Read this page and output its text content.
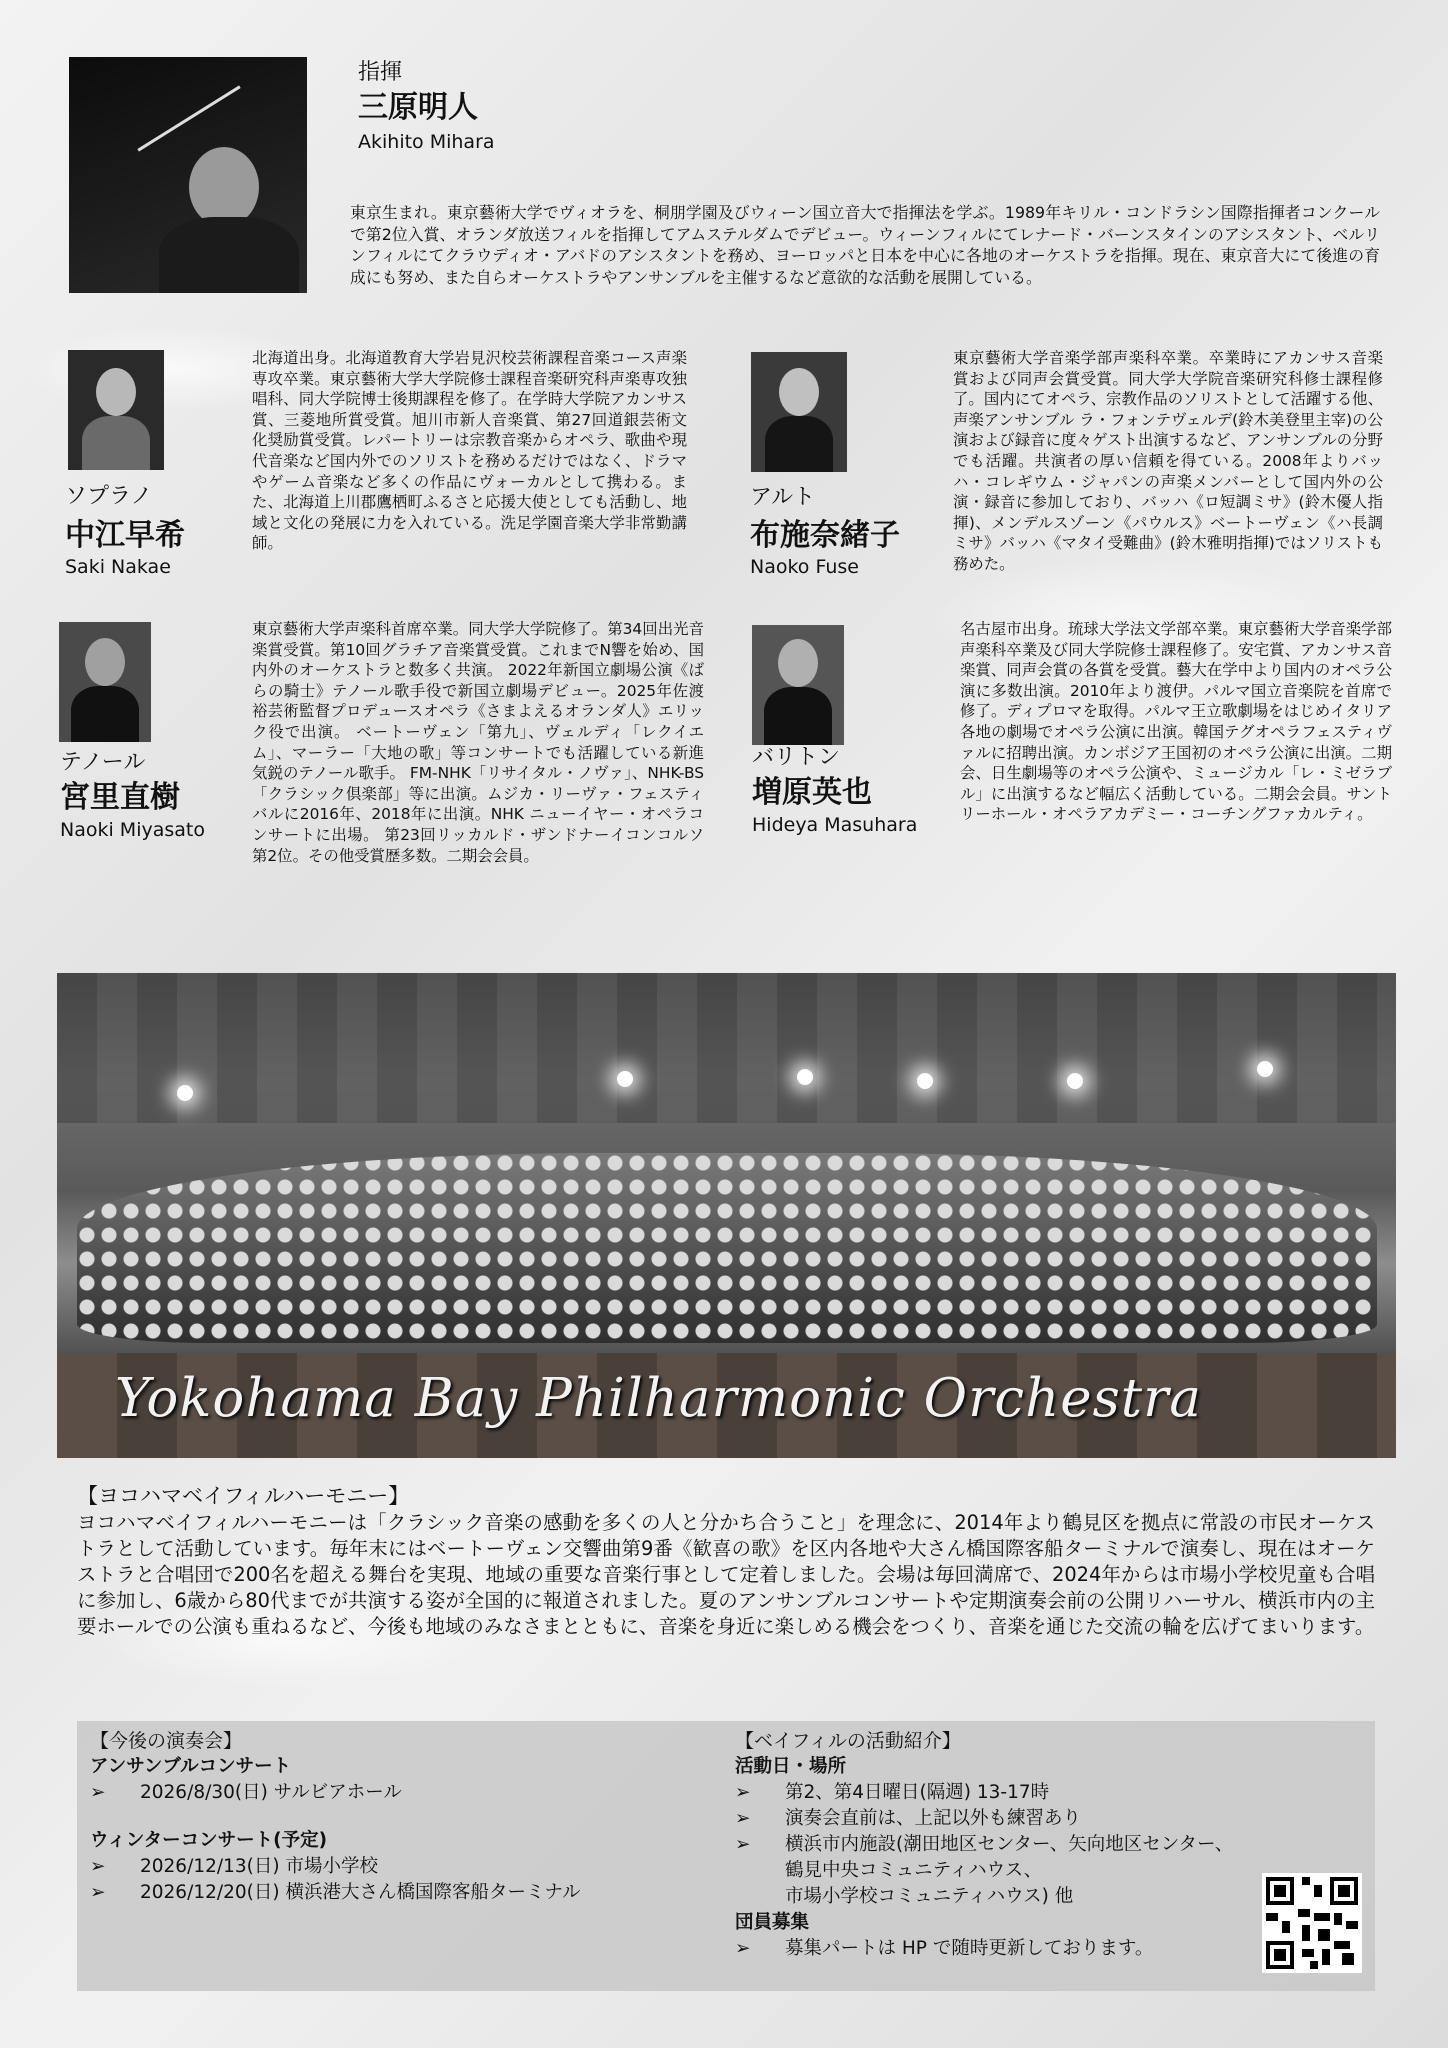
指揮
三原明人
Akihito Mihara
東京生まれ。東京藝術大学でヴィオラを、桐朋学園及びウィーン国立音大で指揮法を学ぶ。1989年キリル・コンドラシン国際指揮者コンクールで第2位入賞、オランダ放送フィルを指揮してアムステルダムでデビュー。ウィーンフィルにてレナード・バーンスタインのアシスタント、ベルリンフィルにてクラウディオ・アバドのアシスタントを務め、ヨーロッパと日本を中心に各地のオーケストラを指揮。現在、東京音大にて後進の育成にも努め、また自らオーケストラやアンサンブルを主催するなど意欲的な活動を展開している。
ソプラノ
中江早希
Saki Nakae
北海道出身。北海道教育大学岩見沢校芸術課程音楽コース声楽専攻卒業。東京藝術大学大学院修士課程音楽研究科声楽専攻独唱科、同大学院博士後期課程を修了。在学時大学院アカンサス賞、三菱地所賞受賞。旭川市新人音楽賞、第27回道銀芸術文化奨励賞受賞。レパートリーは宗教音楽からオペラ、歌曲や現代音楽など国内外でのソリストを務めるだけではなく、ドラマやゲーム音楽など多くの作品にヴォーカルとして携わる。また、北海道上川郡鷹栖町ふるさと応援大使としても活動し、地域と文化の発展に力を入れている。洗足学園音楽大学非常勤講師。
アルト
布施奈緒子
Naoko Fuse
東京藝術大学音楽学部声楽科卒業。卒業時にアカンサス音楽賞および同声会賞受賞。同大学大学院音楽研究科修士課程修了。国内にてオペラ、宗教作品のソリストとして活躍する他、声楽アンサンブル ラ・フォンテヴェルデ(鈴木美登里主宰)の公演および録音に度々ゲスト出演するなど、アンサンブルの分野でも活躍。共演者の厚い信頼を得ている。2008年よりバッハ・コレギウム・ジャパンの声楽メンバーとして国内外の公演・録音に参加しており、バッハ《ロ短調ミサ》(鈴木優人指揮)、メンデルスゾーン《パウルス》ベートーヴェン《ハ長調ミサ》バッハ《マタイ受難曲》(鈴木雅明指揮)ではソリストも務めた。
テノール
宮里直樹
Naoki Miyasato
東京藝術大学声楽科首席卒業。同大学大学院修了。第34回出光音楽賞受賞。第10回グラチア音楽賞受賞。これまでN響を始め、国内外のオーケストラと数多く共演。 2022年新国立劇場公演《ばらの騎士》テノール歌手役で新国立劇場デビュー。2025年佐渡裕芸術監督プロデュースオペラ《さまよえるオランダ人》エリック役で出演。 ベートーヴェン「第九」、ヴェルディ「レクイエム」、マーラー「大地の歌」等コンサートでも活躍している新進気鋭のテノール歌手。 FM-NHK「リサイタル・ノヴァ」、NHK-BS「クラシック倶楽部」等に出演。ムジカ・リーヴァ・フェスティバルに2016年、2018年に出演。NHK ニューイヤー・オペラコンサートに出場。 第23回リッカルド・ザンドナーイコンコルソ第2位。その他受賞歴多数。二期会会員。
バリトン
増原英也
Hideya Masuhara
名古屋市出身。琉球大学法文学部卒業。東京藝術大学音楽学部声楽科卒業及び同大学院修士課程修了。安宅賞、アカンサス音楽賞、同声会賞の各賞を受賞。藝大在学中より国内のオペラ公演に多数出演。2010年より渡伊。パルマ国立音楽院を首席で修了。ディプロマを取得。パルマ王立歌劇場をはじめイタリア各地の劇場でオペラ公演に出演。韓国テグオペラフェスティヴァルに招聘出演。カンボジア王国初のオペラ公演に出演。二期会、日生劇場等のオペラ公演や、ミュージカル「レ・ミゼラブル」に出演するなど幅広く活動している。二期会会員。サントリーホール・オペラアカデミー・コーチングファカルティ。
Yokohama Bay Philharmonic Orchestra
【ヨコハマベイフィルハーモニー】
ヨコハマベイフィルハーモニーは「クラシック音楽の感動を多くの人と分かち合うこと」を理念に、2014年より鶴見区を拠点に常設の市民オーケストラとして活動しています。毎年末にはベートーヴェン交響曲第9番《歓喜の歌》を区内各地や大さん橋国際客船ターミナルで演奏し、現在はオーケストラと合唱団で200名を超える舞台を実現、地域の重要な音楽行事として定着しました。会場は毎回満席で、2024年からは市場小学校児童も合唱に参加し、6歳から80代までが共演する姿が全国的に報道されました。夏のアンサンブルコンサートや定期演奏会前の公開リハーサル、横浜市内の主要ホールでの公演も重ねるなど、今後も地域のみなさまとともに、音楽を身近に楽しめる機会をつくり、音楽を通じた交流の輪を広げてまいります。
【今後の演奏会】
アンサンブルコンサート
➢ 2026/8/30(日) サルビアホール
ウィンターコンサート(予定)
➢ 2026/12/13(日) 市場小学校
➢ 2026/12/20(日) 横浜港大さん橋国際客船ターミナル
【ベイフィルの活動紹介】
活動日・場所
➢ 第2、第4日曜日(隔週) 13-17時
➢ 演奏会直前は、上記以外も練習あり
➢ 横浜市内施設(潮田地区センター、矢向地区センター、
鶴見中央コミュニティハウス、
市場小学校コミュニティハウス) 他
団員募集
➢ 募集パートは HP で随時更新しております。
